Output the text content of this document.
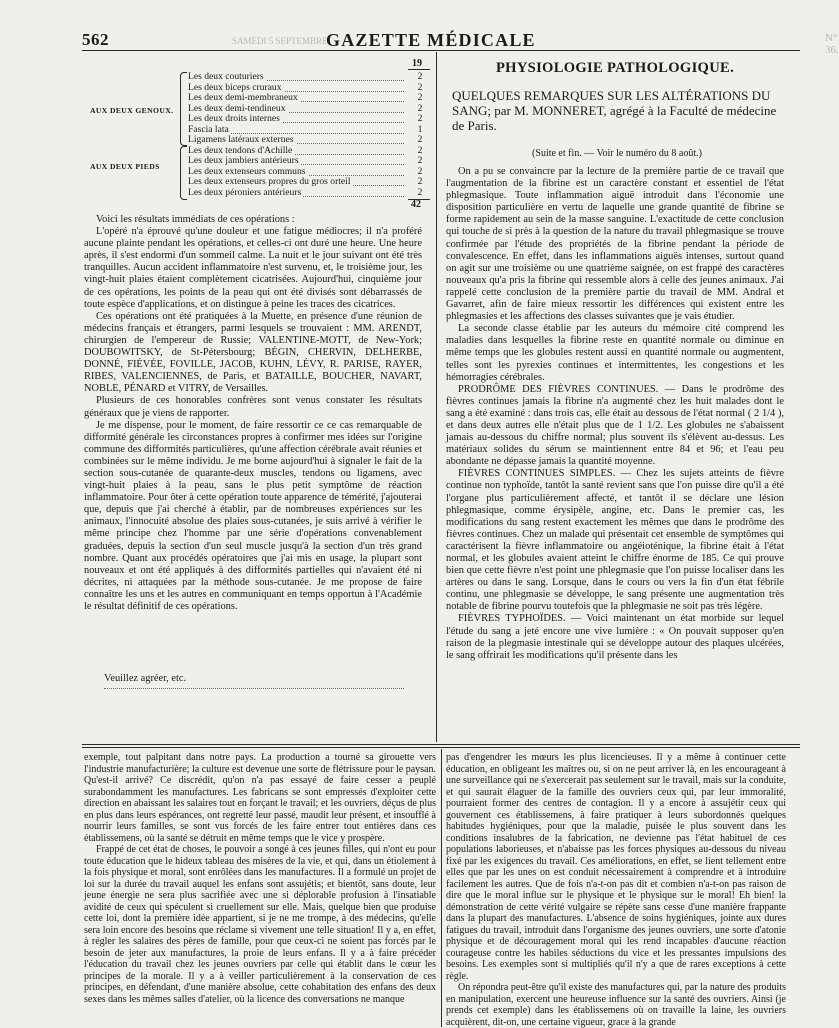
562	SAMEDI 5 SEPTEMBRE
GAZETTE MÉDICALE	N° 36.
19
AUX DEUX GENOUX.
Les deux couturiers	2
Les deux biceps cruraux	2
Les deux demi-membraneux	2
Les deux demi-tendineux	2
Les deux droits internes	2
Fascia lata	1
Ligamens latéraux externes	2
AUX DEUX PIEDS
Les deux tendons d'Achille	2
Les deux jambiers antérieurs	2
Les deux extenseurs communs	2
Les deux extenseurs propres du gros orteil	2
Les deux péroniers antérieurs	2
42

Voici les résultats immédiats de ces opérations :

L'opéré n'a éprouvé qu'une douleur et une fatigue médiocres; il n'a proféré aucune plainte pendant les opérations, et celles-ci ont duré une heure. Une heure après, il s'est endormi d'un sommeil calme. La nuit et le jour suivant ont été très tranquilles. Aucun accident inflammatoire n'est survenu, et, le troisième jour, les vingt-huit plaies étaient complètement cicatrisées. Aujourd'hui, cinquième jour de ces opérations, les points de la peau qui ont été divisés sont débarrassés de toute espèce d'applications, et on distingue à peine les traces des cicatrices.

Ces opérations ont été pratiquées à la Muette, en présence d'une réunion de médecins français et étrangers, parmi lesquels se trouvaient : MM. ARENDT, chirurgien de l'empereur de Russie; VALENTINE-MOTT, de New-York; DOUBOWITSKY, de St-Pétersbourg; BÉGIN, CHERVIN, DELHERBE, DONNÉ, FIÉVÉE, FOVILLE, JACOB, KUHN, LÉVY, R. PARISE, RAYER, RIBES, VALENCIENNES, de Paris, et BATAILLE, BOUCHER, NAVART, NOBLE, PÉNARD et VITRY, de Versailles.

Plusieurs de ces honorables confrères sont venus constater les résultats généraux que je viens de rapporter.

Je me dispense, pour le moment, de faire ressortir ce ce cas remarquable de difformité générale les circonstances propres à confirmer mes idées sur l'origine commune des difformités particulières, qu'une affection cérébrale avait réunies et combinées sur le même individu. Je me borne aujourd'hui à signaler le fait de la section sous-cutanée de quarante-deux muscles, tendons ou ligamens, avec vingt-huit plaies à la peau, sans le plus petit symptôme de réaction inflammatoire. Pour ôter à cette opération toute apparence de témérité, j'ajouterai que, depuis que j'ai cherché à établir, par de nombreuses expériences sur les animaux, l'innocuité absolue des plaies sous-cutanées, je suis arrivé à vérifier le même principe chez l'homme par une série d'opérations convenablement graduées, depuis la section d'un seul muscle jusqu'à la section d'un très grand nombre. Quant aux procédés opératoires que j'ai mis en usage, la plupart sont nouveaux et ont été appliqués à des difformités partielles qui n'avaient été ni décrites, ni attaquées par la méthode sous-cutanée. Je me propose de faire connaître les uns et les autres en communiquant en temps opportun à l'Académie le résultat définitif de ces opérations.

Veuillez agréer, etc.
PHYSIOLOGIE PATHOLOGIQUE.
QUELQUES REMARQUES SUR LES ALTÉRATIONS DU SANG; par M. MONNERET, agrégé à la Faculté de médecine de Paris.
(Suite et fin. — Voir le numéro du 8 août.)

On a pu se convaincre par la lecture de la première partie de ce travail que l'augmentation de la fibrine est un caractère constant et essentiel de l'état phlegmasique. Toute inflammation aiguë introduit dans l'économie une disposition particulière en vertu de laquelle une grande quantité de fibrine se forme rapidement au sein de la masse sanguine. L'exactitude de cette conclusion qui touche de si près à la question de la nature du travail phlegmasique se trouve confirmée par l'étude des propriétés de la fibrine pendant la période de convalescence. En effet, dans les inflammations aiguës intenses, surtout quand on agit sur une troisième ou une quatrième saignée, on est frappé des caractères nouveaux qu'a pris la fibrine qui ressemble alors à celle des jeunes animaux. J'ai rappelé cette conclusion de la première partie du travail de MM. Andral et Gavarret, afin de faire mieux ressortir les différences qui existent entre les phlegmasies et les affections des classes suivantes que je vais étudier.

La seconde classe établie par les auteurs du mémoire cité comprend les maladies dans lesquelles la fibrine reste en quantité normale ou diminue en même temps que les globules restent aussi en quantité normale ou augmentent, telles sont les pyrexies continues et intermittentes, les congestions et les hémorragies cérébrales.

PRODRÔME DES FIÈVRES CONTINUES. — Dans le prodrôme des fièvres continues jamais la fibrine n'a augmenté chez les huit malades dont le sang a été examiné : dans trois cas, elle était au dessous de l'état normal ( 2 1/4 ), et dans deux autres elle n'était plus que de 1 1/2. Les globules ne s'abaissent jamais au-dessous du chiffre normal; plus souvent ils s'élèvent au-dessus. Les matériaux solides du sérum se maintiennent entre 84 et 96; et l'eau peu abondante ne dépasse jamais la quantité moyenne.

FIÈVRES CONTINUES SIMPLES. — Chez les sujets atteints de fièvre continue non typhoïde, tantôt la santé revient sans que l'on puisse dire qu'il a été l'organe plus particulièrement affecté, et tantôt il se déclare une lésion phlegmasique, comme érysipèle, angine, etc. Dans le premier cas, les modifications du sang restent exactement les mêmes que dans le prodrôme des fièvres continues. Chez un malade qui présentait cet ensemble de symptômes qui caractérisent la fièvre inflammatoire ou angéioténique, la fibrine était à l'état normal, et les globules avaient atteint le chiffre énorme de 185. Ce qui prouve bien que cette fièvre n'est point une phlegmasie que l'on puisse localiser dans les artères ou dans le sang. Lorsque, dans le cours ou vers la fin d'un état fébrile continu, une phlegmasie se développe, le sang présente une augmentation très notable de fibrine pourvu toutefois que la phlegmasie ne soit pas très légère.

FIÈVRES TYPHOÏDES. — Voici maintenant un état morbide sur lequel l'étude du sang a jeté encore une vive lumière : « On pouvait supposer qu'en raison de la plegmasie intestinale qui se développe autour des plaques ulcérées, le sang offrirait les modifications qu'il présente dans les

exemple, tout palpitant dans notre pays. La production a tourné sa girouette vers l'industrie manufacturière; la culture est devenue une sorte de flétrissure pour le paysan. Qu'est-il arrivé? Ce discrédit, qu'on n'a pas essayé de faire cesser a peuplé surabondamment les manufactures. Les fabricans se sont empressés d'exploiter cette direction en abaissant les salaires tout en forçant le travail; et les ouvriers, déçus de plus en plus dans leurs espérances, ont regretté leur passé, maudit leur présent, et insoufflé à nourrir leurs familles, se sont vus forcés de les faire entrer tout entières dans ces établissemens, où la santé se détruit en même temps que le vice y prospère.

Frappé de cet état de choses, le pouvoir a songé à ces jeunes filles, qui n'ont eu pour toute éducation que le hideux tableau des misères de la vie, et qui, dans un étiolement à la fois physique et moral, sont enrôlées dans les manufactures. Il a formulé un projet de loi sur la durée du travail auquel les enfans sont assujétis; et bientôt, sans doute, leur jeune énergie ne sera plus sacrifiée avec une si déplorable profusion à l'insatiable avidité de ceux qui spéculent si cruellement sur elle. Mais, quelque bien que produise cette loi, dont la première idée appartient, si je ne me trompe, à des médecins, qu'elle sera loin encore des besoins que réclame si vivement une telle situation! Il y a, en effet, à régler les salaires des pères de famille, pour que ceux-ci ne soient pas forcés par le besoin de jeter aux manufactures, la proie de leurs enfans. Il y a à faire précéder l'éducation du travail chez les jeunes ouvriers par celle qui établit dans le cœur les principes de la morale. Il y a à veiller particulièrement à la conservation de ces principes, en défendant, d'une manière absolue, cette cohabitation des enfans des deux sexes dans les mêmes salles d'atelier, où la licence des conversations ne manque

pas d'engendrer les mœurs les plus licencieuses. Il y a même à continuer cette éducation, en obligeant les maîtres ou, si on ne peut arriver là, en les encourageant à une surveillance qui ne s'exercerait pas seulement sur le travail, mais sur la conduite, et qui saurait élaguer de la famille des ouvriers ceux qui, par leur immoralité, pourraient former des centres de contagion. Il y a encore à assujétir ceux qui gouvernent ces établissemens, à faire pratiquer à leurs subordonnés quelques habitudes hygiéniques, pour que la maladie, puisée le plus souvent dans les conditions insalubres de la fabrication, ne devienne pas l'état habituel de ces populations laborieuses, et n'abaisse pas les forces physiques au-dessous du niveau fixé par les exigences du travail. Ces améliorations, en effet, se lient tellement entre elles que par les unes on est conduit nécessairement à comprendre et à introduire facilement les autres. Que de fois n'a-t-on pas dit et combien n'a-t-on pas raison de dire que le moral influe sur le physique et le physique sur le moral! Eh bien! la démonstration de cette vérité vulgaire se répète sans cesse d'une manière frappante dans la plupart des manufactures. L'absence de soins hygiéniques, jointe aux dures fatigues du travail, introduit dans l'organisme des jeunes ouvriers, une sorte d'atonie physique et de découragement moral qui les rend incapables d'aucune réaction courageuse contre les habiles séductions du vice et les pressantes impulsions des besoins. Les exemples sont si multipliés qu'il n'y a que de rares exceptions à cette règle.

On répondra peut-être qu'il existe des manufactures qui, par la nature des produits en manipulation, exercent une heureuse influence sur la santé des ouvriers. Ainsi (je prends cet exemple) dans les établissemens où on travaille la laine, les ouvriers acquièrent, dit-on, une certaine vigueur, grace à la grande
